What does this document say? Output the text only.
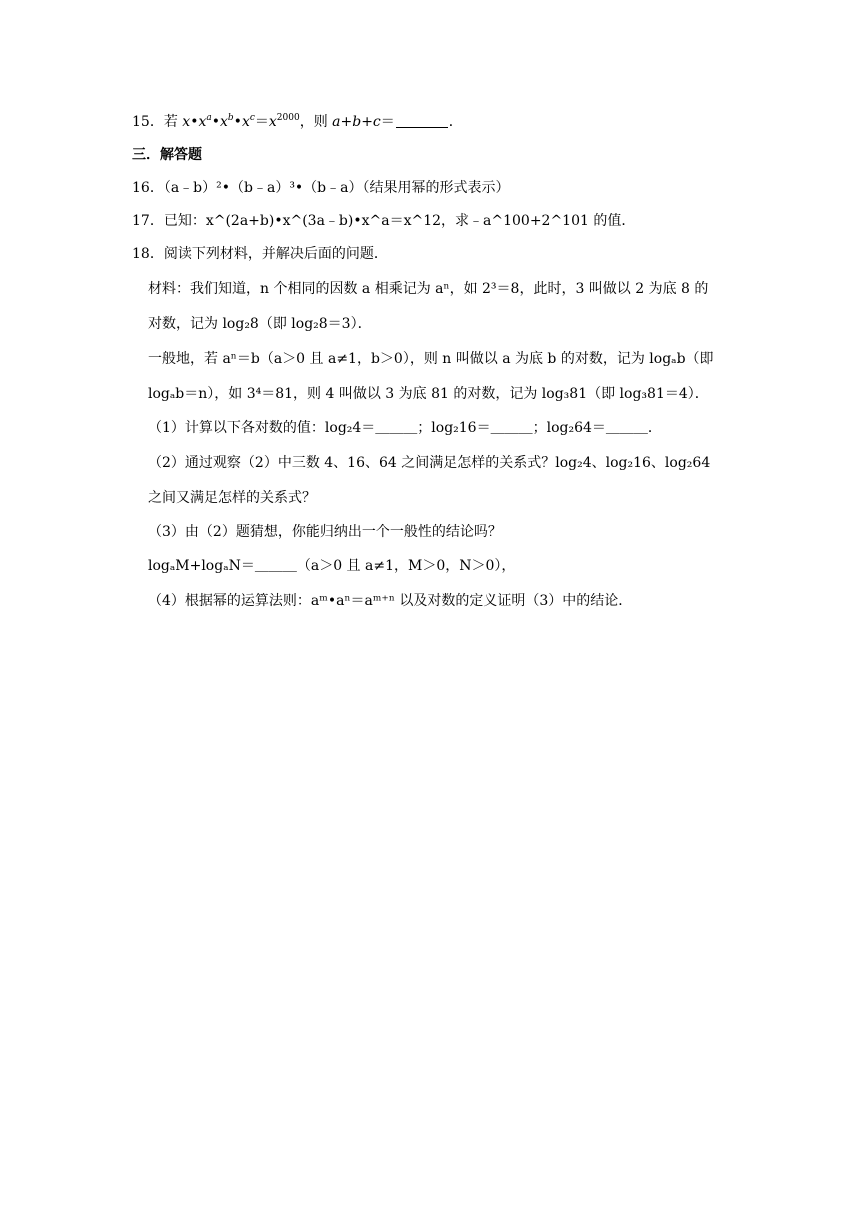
15．若 $x•x^a•x^b•x^c=x^{2000}$，则 a+b+c＝	．
三．解答题
16．（a﹣b）²•（b﹣a）³•（b﹣a）（结果用幂的形式表示）
17．已知：x^(2a+b)•x^(3a﹣b)•x^a＝x^12，求﹣a^100+2^101 的值．
18．阅读下列材料，并解决后面的问题．
材料：我们知道，n 个相同的因数 a 相乘记为 aⁿ，如 2³＝8，此时，3 叫做以 2 为底 8 的
对数，记为 log₂8（即 log₂8＝3）．
一般地，若 aⁿ＝b（a＞0 且 a≠1，b＞0），则 n 叫做以 a 为底 b 的对数，记为 logₐb（即
logₐb＝n），如 3⁴＝81，则 4 叫做以 3 为底 81 的对数，记为 log₃81（即 log₃81＝4）．
（1）计算以下各对数的值：log₂4＝＿＿＿；log₂16＝＿＿＿；log₂64＝＿＿＿．
（2）通过观察（2）中三数 4、16、64 之间满足怎样的关系式？log₂4、log₂16、log₂64
之间又满足怎样的关系式？
（3）由（2）题猜想，你能归纳出一个一般性的结论吗？
logₐM+logₐN＝＿＿＿（a＞0 且 a≠1，M＞0，N＞0），
（4）根据幂的运算法则：aᵐ•aⁿ＝aᵐ⁺ⁿ 以及对数的定义证明（3）中的结论．
